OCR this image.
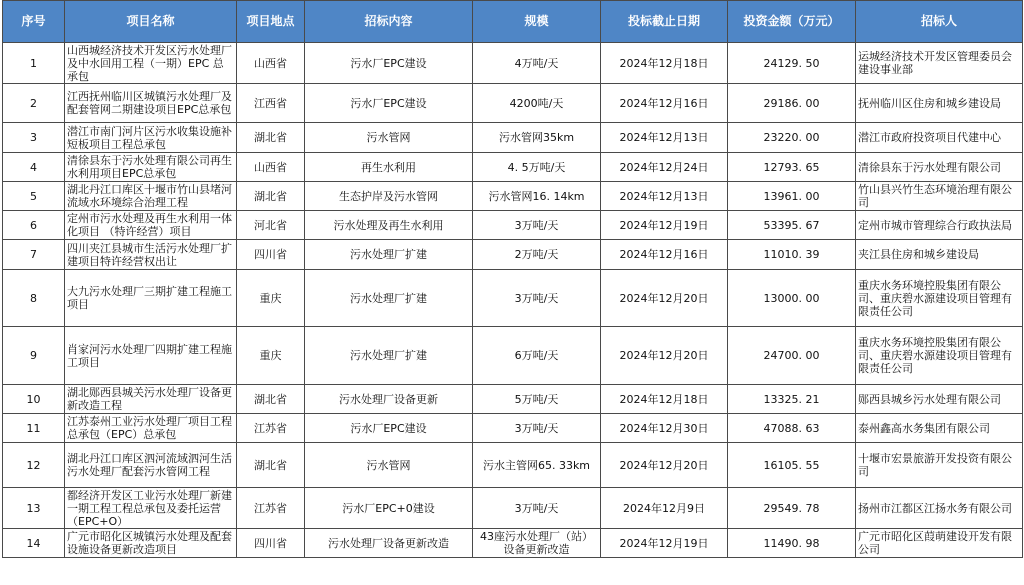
序号	项目名称	项目地点	招标内容	规模	投标截止日期	投资金额（万元）	招标人
1	山西城经济技术开发区污水处理厂及中水回用工程（一期）EPC 总承包	山西省	污水厂EPC建设	4万吨/天	2024年12月18日	24129. 50	运城经济技术开发区管理委员会建设事业部
2	江西抚州临川区城镇污水处理厂及配套管网二期建设项目EPC总承包	江西省	污水厂EPC建设	4200吨/天	2024年12月16日	29186. 00	抚州临川区住房和城乡建设局
3	潜江市南门河片区污水收集设施补短板项目工程总承包	湖北省	污水管网	污水管网35km	2024年12月13日	23220. 00	潜江市政府投资项目代建中心
4	清徐县东于污水处理有限公司再生水利用项目EPC总承包	山西省	再生水利用	4. 5万吨/天	2024年12月24日	12793. 65	清徐县东于污水处理有限公司
5	湖北丹江口库区十堰市竹山县堵河流域水环境综合治理工程	湖北省	生态护岸及污水管网	污水管网16. 14km	2024年12月13日	13961. 00	竹山县兴竹生态环境治理有限公司
6	定州市污水处理及再生水利用一体化项目 （特许经营）项目	河北省	污水处理及再生水利用	3万吨/天	2024年12月19日	53395. 67	定州市城市管理综合行政执法局
7	四川夹江县城市生活污水处理厂扩建项目特许经营权出让	四川省	污水处理厂扩建	2万吨/天	2024年12月16日	11010. 39	夹江县住房和城乡建设局
8	大九污水处理厂三期扩建工程施工项目	重庆	污水处理厂扩建	3万吨/天	2024年12月20日	13000. 00	重庆水务环境控股集团有限公司、重庆碧水源建设项目管理有限责任公司
9	肖家河污水处理厂四期扩建工程施工项目	重庆	污水处理厂扩建	6万吨/天	2024年12月20日	24700. 00	重庆水务环境控股集团有限公司、重庆碧水源建设项目管理有限责任公司
10	湖北郧西县城关污水处理厂设备更新改造工程	湖北省	污水处理厂设备更新	5万吨/天	2024年12月18日	13325. 21	郧西县城乡污水处理有限公司
11	江苏泰州工业污水处理厂项目工程总承包（EPC）总承包	江苏省	污水厂EPC建设	3万吨/天	2024年12月30日	47088. 63	泰州鑫高水务集团有限公司
12	湖北丹江口库区泗河流域泗河生活污水处理厂配套污水管网工程	湖北省	污水管网	污水主管网65. 33km	2024年12月20日	16105. 55	十堰市宏景旅游开发投资有限公司
13	都经济开发区工业污水处理厂新建一期工程工程总承包及委托运营（EPC+O）	江苏省	污水厂EPC+0建设	3万吨/天	2024年12月9日	29549. 78	扬州市江都区江扬水务有限公司
14	广元市昭化区城镇污水处理及配套设施设备更新改造项目	四川省	污水处理厂设备更新改造	43座污水处理厂（站）设备更新改造	2024年12月19日	11490. 98	广元市昭化区葭萌建设开发有限公司
